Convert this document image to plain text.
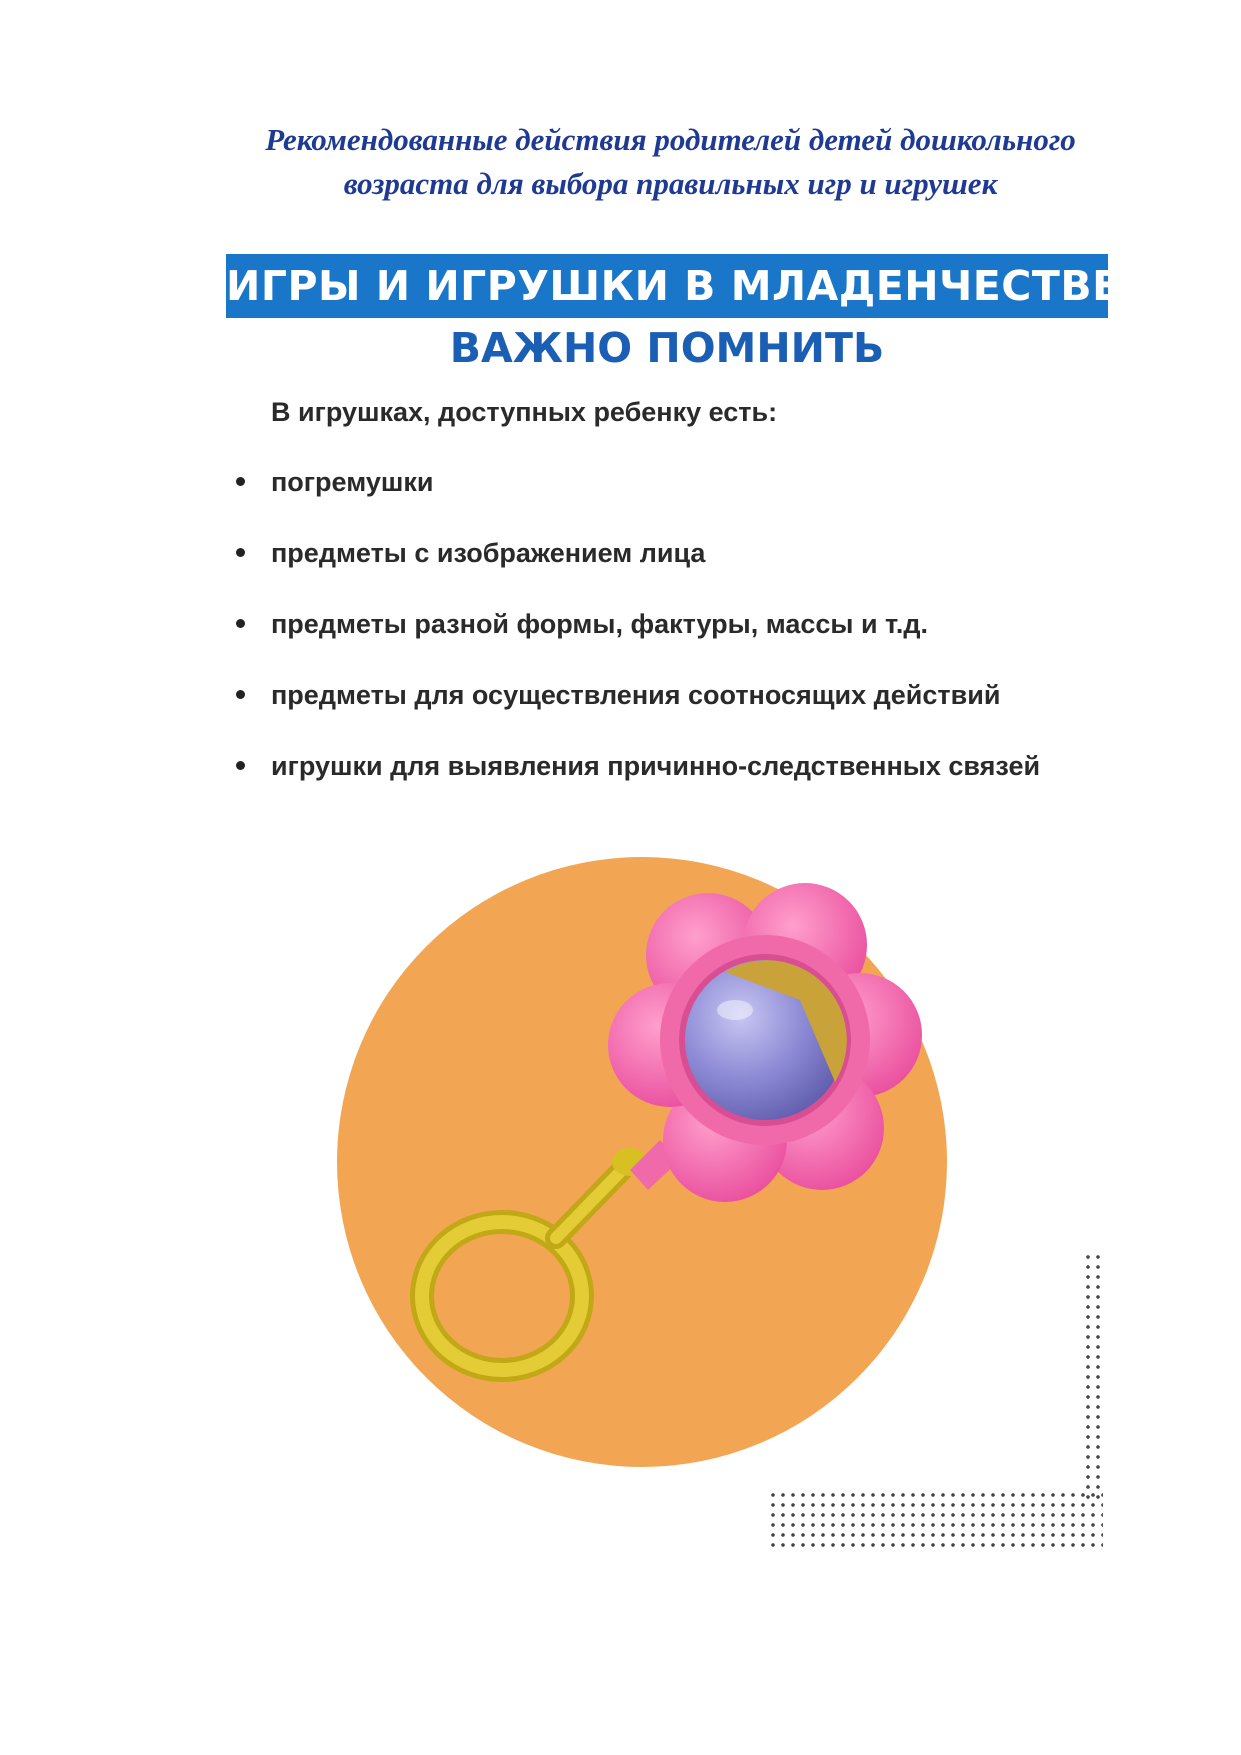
Рекомендованные действия родителей детей дошкольного
возраста для выбора правильных игр и игрушек
ИГРЫ И ИГРУШКИ В МЛАДЕНЧЕСТВЕ
ВАЖНО ПОМНИТЬ
В игрушках, доступных ребенку есть:
погремушки
предметы с изображением лица
предметы разной формы, фактуры, массы и т.д.
предметы для осуществления соотносящих действий
игрушки для выявления причинно-следственных связей
